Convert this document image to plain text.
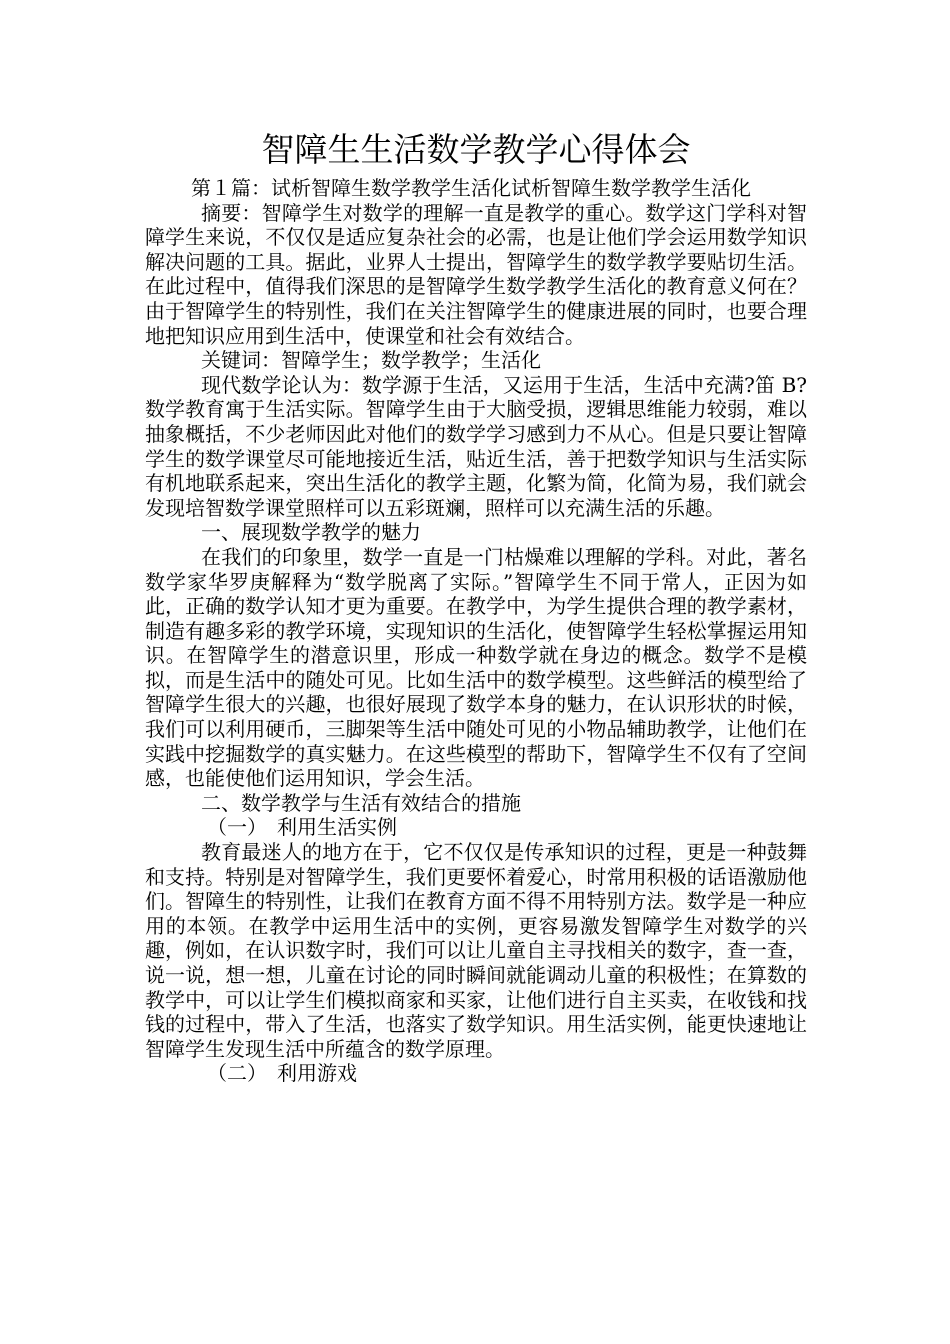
智障生生活数学教学心得体会

第１篇：试析智障生数学教学生活化试析智障生数学教学生活化

摘要：智障学生对数学的理解一直是教学的重心。数学这门学科对智障学生来说，不仅仅是适应复杂社会的必需，也是让他们学会运用数学知识解决问题的工具。据此，业界人士提出，智障学生的数学教学要贴切生活。在此过程中，值得我们深思的是智障学生数学教学生活化的教育意义何在？由于智障学生的特别性，我们在关注智障学生的健康进展的同时，也要合理地把知识应用到生活中，使课堂和社会有效结合。

关键词：智障学生；数学教学；生活化

现代数学论认为：数学源于生活，又运用于生活，生活中充满?笛 B?数学教育寓于生活实际。智障学生由于大脑受损，逻辑思维能力较弱，难以抽象概括，不少老师因此对他们的数学学习感到力不从心。但是只要让智障学生的数学课堂尽可能地接近生活，贴近生活，善于把数学知识与生活实际有机地联系起来，突出生活化的教学主题，化繁为简，化简为易，我们就会发现培智数学课堂照样可以五彩斑斓，照样可以充满生活的乐趣。

一、展现数学教学的魅力

在我们的印象里，数学一直是一门枯燥难以理解的学科。对此，著名数学家华罗庚解释为“数学脱离了实际。”智障学生不同于常人，正因为如此，正确的数学认知才更为重要。在教学中，为学生提供合理的教学素材，制造有趣多彩的教学环境，实现知识的生活化，使智障学生轻松掌握运用知识。在智障学生的潜意识里，形成一种数学就在身边的概念。数学不是模拟，而是生活中的随处可见。比如生活中的数学模型。这些鲜活的模型给了智障学生很大的兴趣，也很好展现了数学本身的魅力，在认识形状的时候，我们可以利用硬币，三脚架等生活中随处可见的小物品辅助教学，让他们在实践中挖掘数学的真实魅力。在这些模型的帮助下，智障学生不仅有了空间感，也能使他们运用知识，学会生活。

二、数学教学与生活有效结合的措施

（一）　利用生活实例

教育最迷人的地方在于，它不仅仅是传承知识的过程，更是一种鼓舞和支持。特别是对智障学生，我们更要怀着爱心，时常用积极的话语激励他们。智障生的特别性，让我们在教育方面不得不用特别方法。数学是一种应用的本领。在教学中运用生活中的实例，更容易激发智障学生对数学的兴趣，例如，在认识数字时，我们可以让儿童自主寻找相关的数字，查一查，说一说，想一想，儿童在讨论的同时瞬间就能调动儿童的积极性；在算数的教学中，可以让学生们模拟商家和买家，让他们进行自主买卖，在收钱和找钱的过程中，带入了生活，也落实了数学知识。用生活实例，能更快速地让智障学生发现生活中所蕴含的数学原理。

（二）　利用游戏
